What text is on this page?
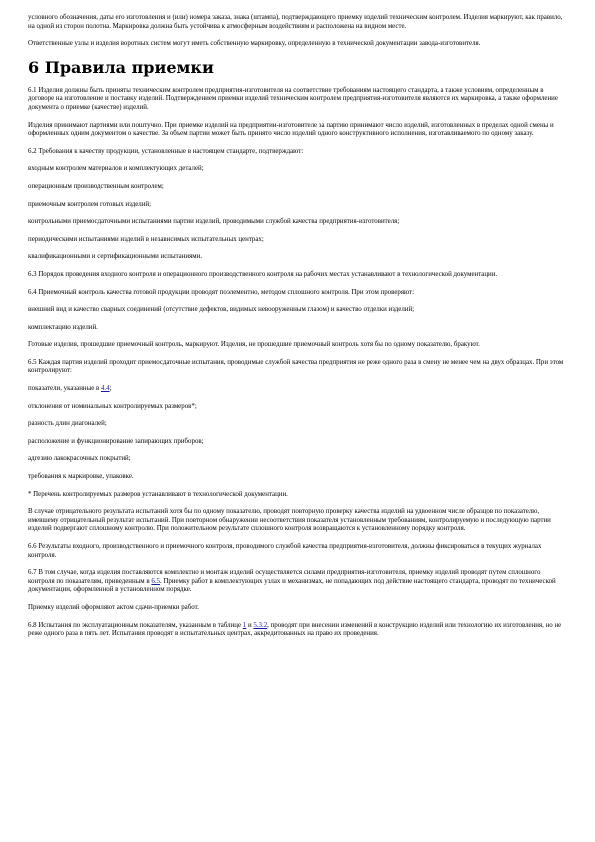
условного обозначения, даты его изготовления и (или) номера заказа, знака (штампа), подтверждающего приемку изделий техническим контролем. Изделия маркируют, как правило, на одной из сторон полотна. Маркировка должна быть устойчива к атмосферным воздействиям и расположена на видном месте.

Ответственные узлы и изделия воротных систем могут иметь собственную маркировку, определенную в технической документации завода-изготовителя.

6 Правила приемки

6.1 Изделия должны быть приняты техническим контролем предприятия-изготовителя на соответствие требованиям настоящего стандарта, а также условиям, определенным в договоре на изготовление и поставку изделий. Подтверждением приемки изделий техническим контролем предприятия-изготовителя являются их маркировка, а также оформление документа о приемке (качестве) изделий.

Изделия принимают партиями или поштучно. При приемке изделий на предприятии-изготовителе за партию принимают число изделий, изготовленных в пределах одной смены и оформленных одним документом о качестве. За объем партии может быть принято число изделий одного конструктивного исполнения, изготавливаемого по одному заказу.

6.2 Требования к качеству продукции, установленные в настоящем стандарте, подтверждают:

входным контролем материалов и комплектующих деталей;

операционным производственным контролем;

приемочным контролем готовых изделий;

контрольными приемосдаточными испытаниями партии изделий, проводимыми службой качества предприятия-изготовителя;

периодическими испытаниями изделий в независимых испытательных центрах;

квалификационными и сертификационными испытаниями.

6.3 Порядок проведения входного контроля и операционного производственного контроля на рабочих местах устанавливают в технологической документации.

6.4 Приемочный контроль качества готовой продукции проводят поэлементно, методом сплошного контроля. При этом проверяют:

внешний вид и качество сварных соединений (отсутствие дефектов, видимых невооруженным глазом) и качество отделки изделий;

комплектацию изделий.

Готовые изделия, прошедшие приемочный контроль, маркируют. Изделия, не прошедшие приемочный контроль хотя бы по одному показателю, бракуют.

6.5 Каждая партия изделий проходит приемосдаточные испытания, проводимые службой качества предприятия не реже одного раза в смену не менее чем на двух образцах. При этом контролируют:

показатели, указанные в 4.4;

отклонения от номинальных контролируемых размеров*;

разность длин диагоналей;

расположение и функционирование запирающих приборов;

адгезию лакокрасочных покрытий;

требования к маркировке, упаковке.

* Перечень контролируемых размеров устанавливают в технологической документации.

В случае отрицательного результата испытаний хотя бы по одному показателю, проводят повторную проверку качества изделий на удвоенном числе образцов по показателю, имевшему отрицательный результат испытаний. При повторном обнаружении несоответствия показателя установленным требованиям, контролируемую и последующую партии изделий подвергают сплошному контролю. При положительном результате сплошного контроля возвращаются к установленному порядку контроля.

6.6 Результаты входного, производственного и приемочного контроля, проводимого службой качества предприятия-изготовителя, должны фиксироваться в текущих журналах контроля.

6.7 В том случае, когда изделия поставляются комплектно и монтаж изделий осуществляется силами предприятия-изготовителя, приемку изделий проводят путем сплошного контроля по показателям, приведенным в 6.5. Приемку работ в комплектующих узлах и механизмах, не попадающих под действие настоящего стандарта, проводят по технической документации, оформленной в установленном порядке.

Приемку изделий оформляют актом сдачи-приемки работ.

6.8 Испытания по эксплуатационным показателям, указанным в таблице 1 и 5.3.2, проводят при внесении изменений в конструкцию изделий или технологию их изготовления, но не реже одного раза в пять лет. Испытания проводят в испытательных центрах, аккредитованных на право их проведения.
